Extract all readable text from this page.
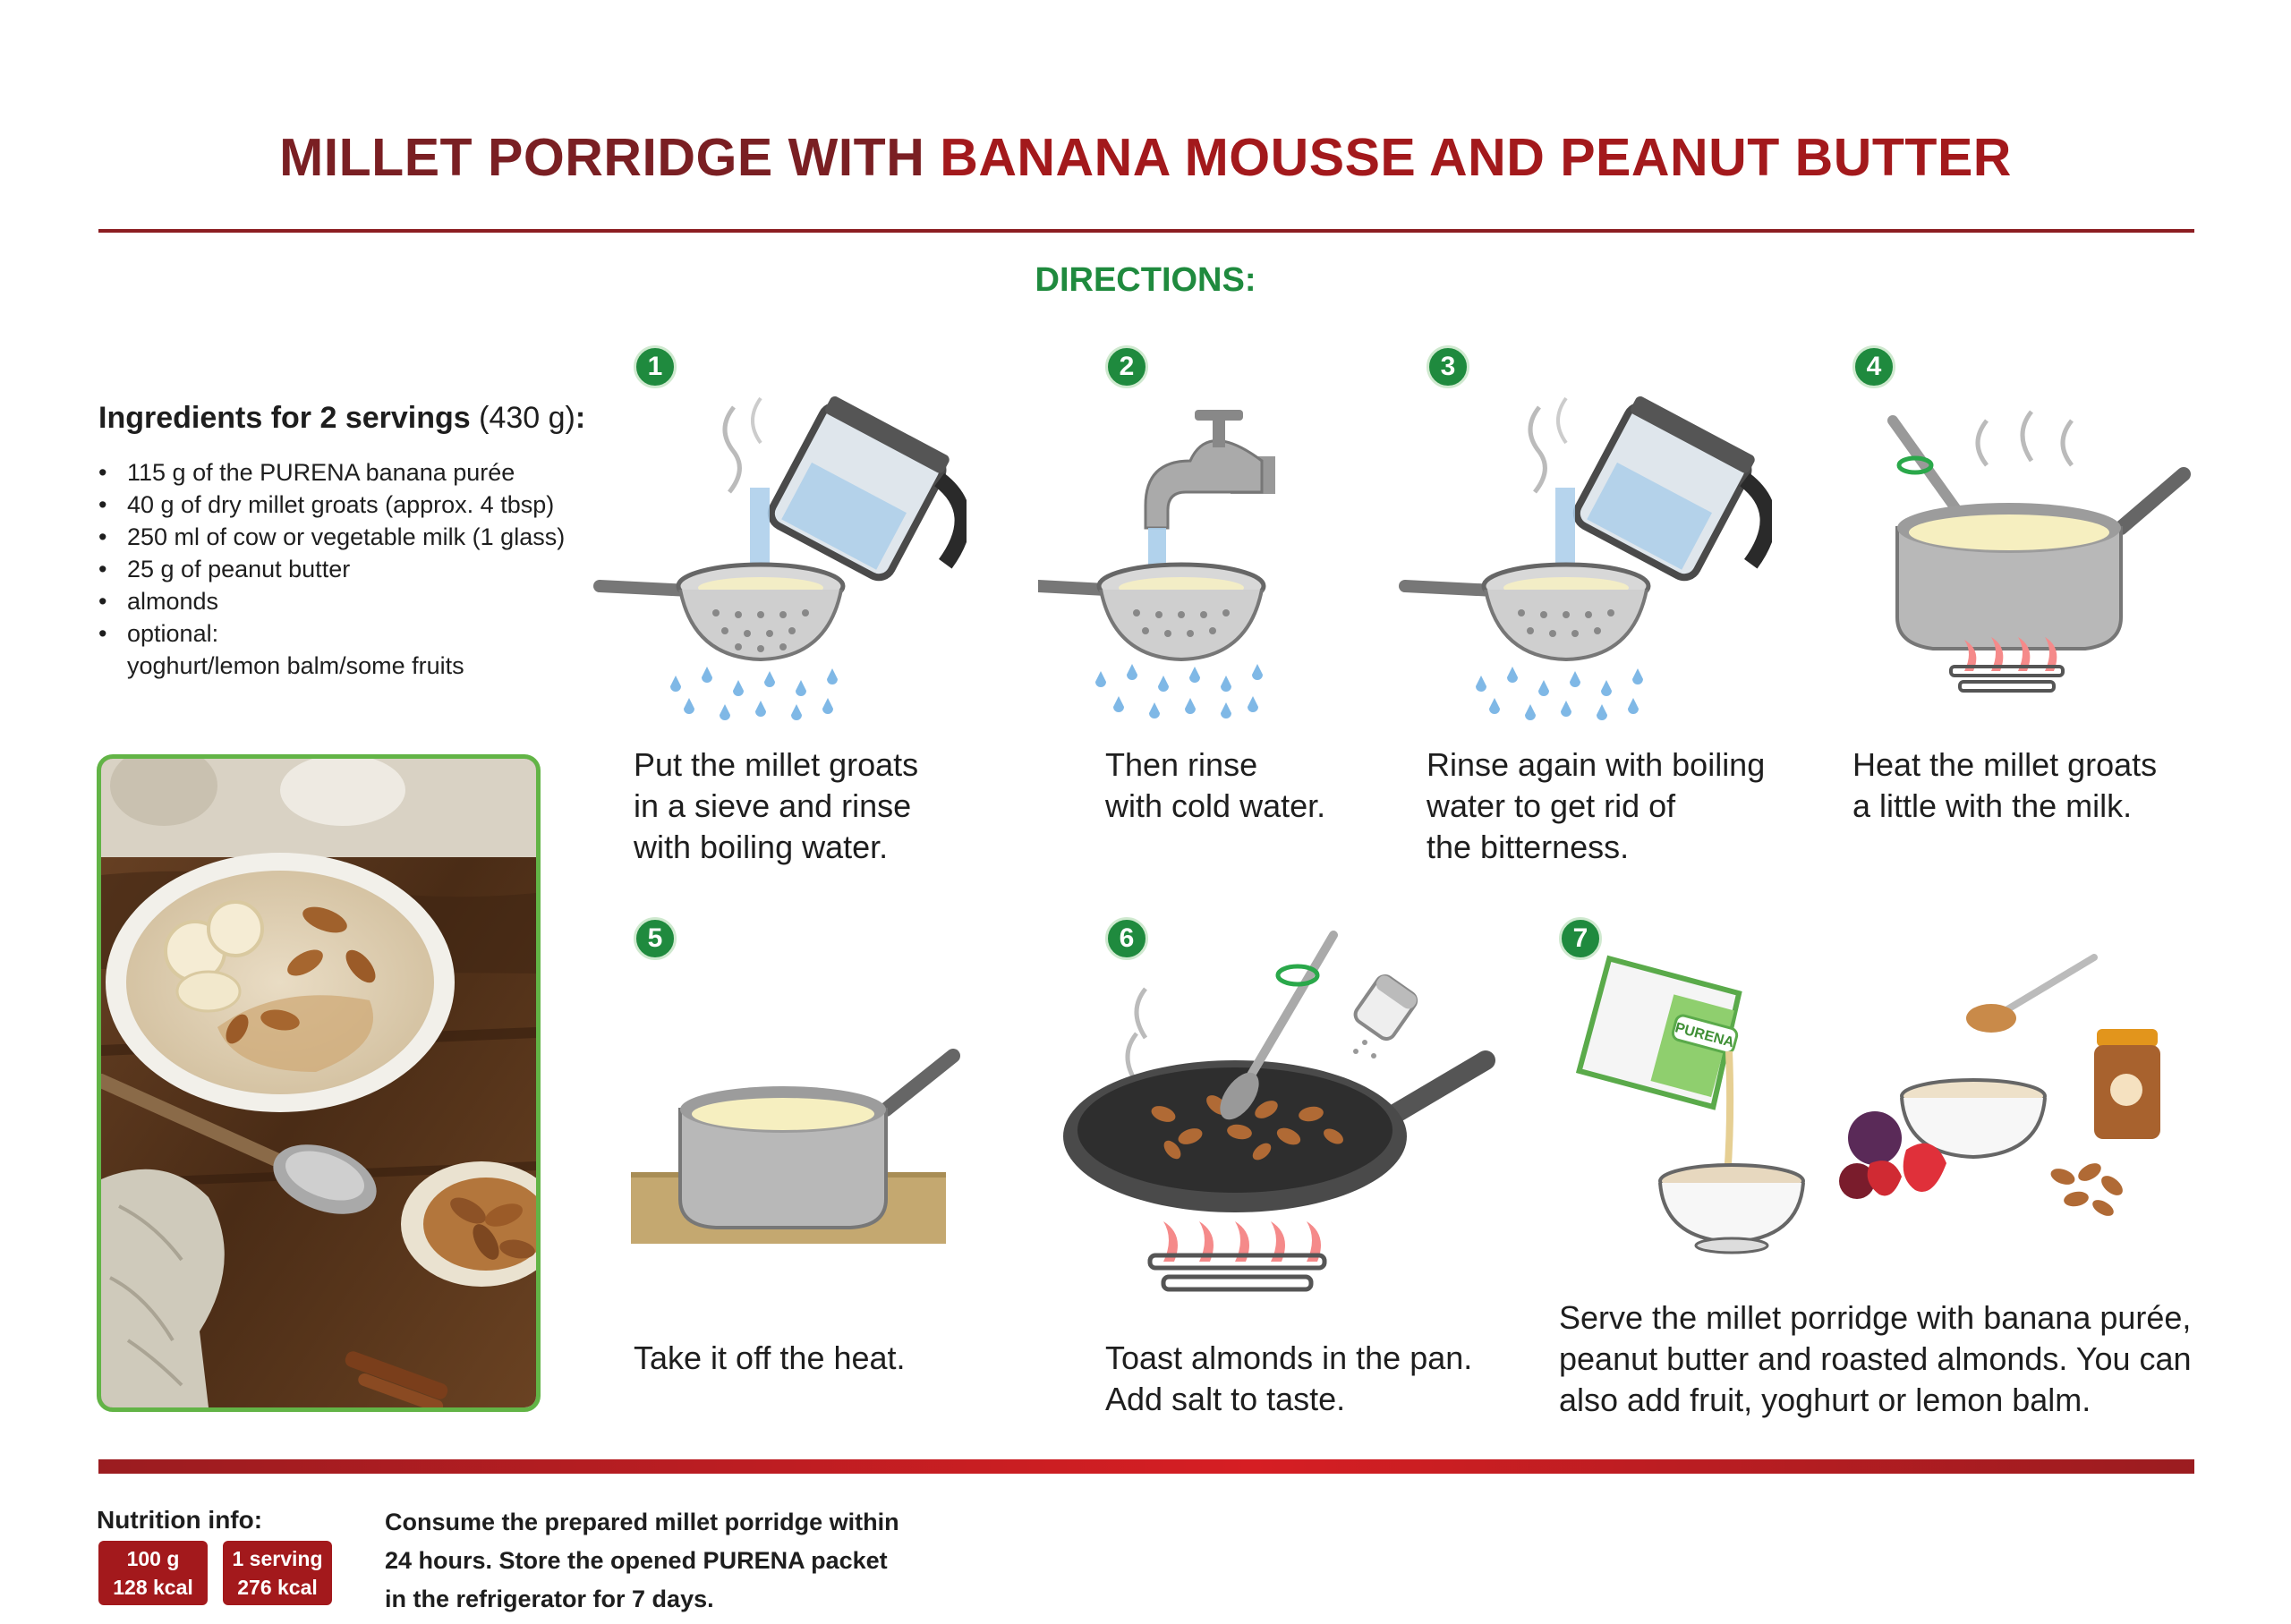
MILLET PORRIDGE WITH BANANA MOUSSE AND PEANUT BUTTER
DIRECTIONS:
Ingredients for 2 servings (430 g):
• 115 g of the PURENA banana purée
• 40 g of dry millet groats (approx. 4 tbsp)
• 250 ml of cow or vegetable milk (1 glass)
• 25 g of peanut butter
• almonds
• optional:
yoghurt/lemon balm/some fruits
1	2	3	4
5	6	7
Put the millet groats
in a sieve and rinse
with boiling water.
Then rinse
with cold water.
Rinse again with boiling
water to get rid of
the bitterness.
Heat the millet groats
a little with the milk.
PURENA
Take it off the heat.	Toast almonds in the pan.
Add salt to taste.
Serve the millet porridge with banana purée,
peanut butter and roasted almonds. You can
also add fruit, yoghurt or lemon balm.
Nutrition info:
100 g
128 kcal
1 serving
276 kcal
Consume the prepared millet porridge within
24 hours. Store the opened PURENA packet
in the refrigerator for 7 days.
